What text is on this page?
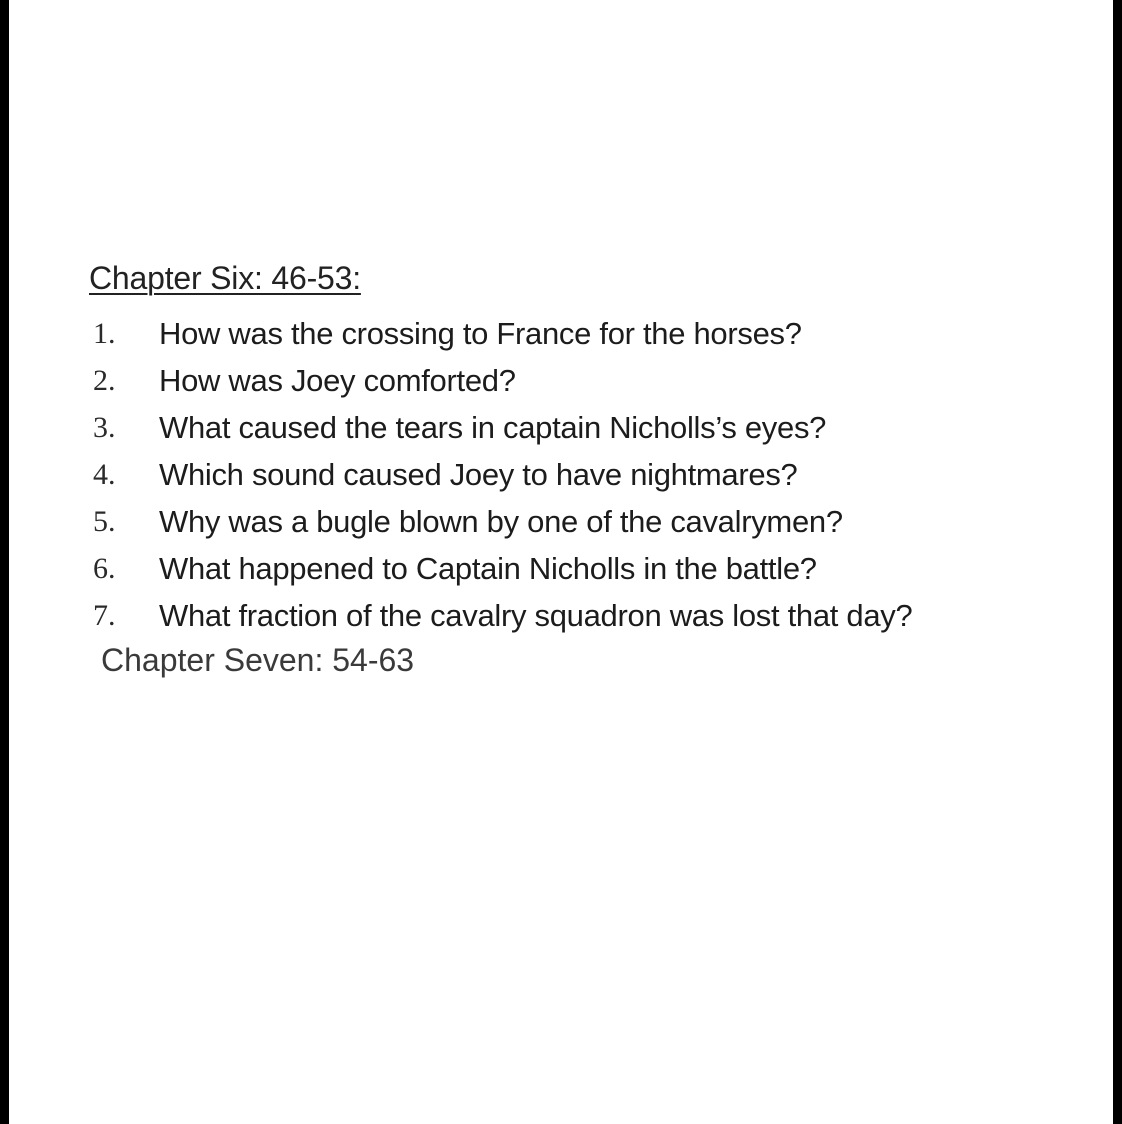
Chapter Six: 46-53:
1. How was the crossing to France for the horses?
2. How was Joey comforted?
3. What caused the tears in captain Nicholls’s eyes?
4. Which sound caused Joey to have nightmares?
5. Why was a bugle blown by one of the cavalrymen?
6. What happened to Captain Nicholls in the battle?
7. What fraction of the cavalry squadron was lost that day?
Chapter Seven: 54-63
